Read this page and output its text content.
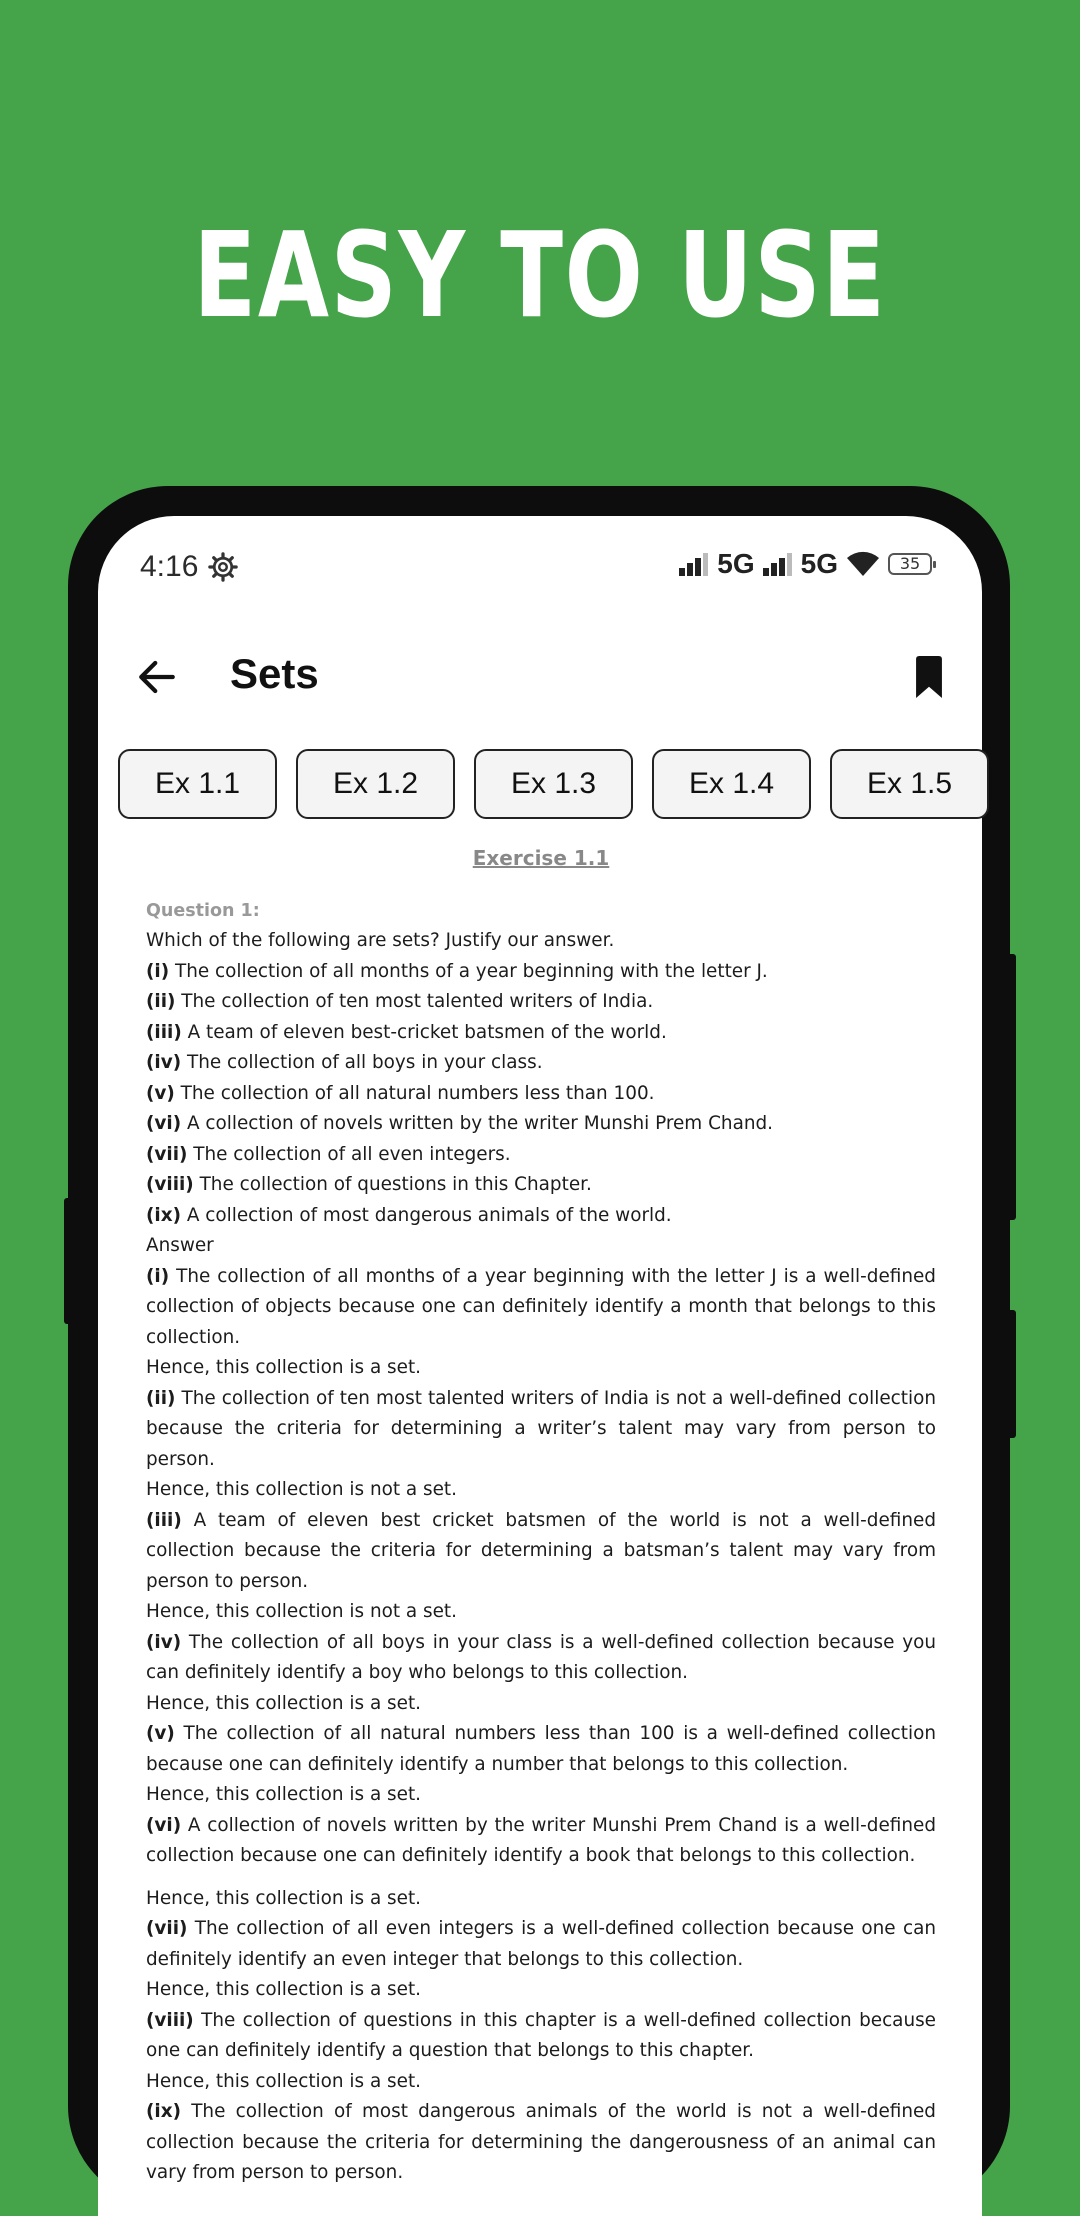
EASY TO USE
4:16	5G 5G	35
Sets
Ex 1.1	Ex 1.2	Ex 1.3	Ex 1.4	Ex 1.5
Exercise 1.1
Question 1:
Which of the following are sets? Justify our answer.
(i) The collection of all months of a year beginning with the letter J.
(ii) The collection of ten most talented writers of India.
(iii) A team of eleven best-cricket batsmen of the world.
(iv) The collection of all boys in your class.
(v) The collection of all natural numbers less than 100.
(vi) A collection of novels written by the writer Munshi Prem Chand.
(vii) The collection of all even integers.
(viii) The collection of questions in this Chapter.
(ix) A collection of most dangerous animals of the world.
Answer
(i) The collection of all months of a year beginning with the letter J is a well-defined collection of objects because one can definitely identify a month that belongs to this collection.
Hence, this collection is a set.
(ii) The collection of ten most talented writers of India is not a well-defined collection because the criteria for determining a writer’s talent may vary from person to person.
Hence, this collection is not a set.
(iii) A team of eleven best cricket batsmen of the world is not a well-defined collection because the criteria for determining a batsman’s talent may vary from person to person.
Hence, this collection is not a set.
(iv) The collection of all boys in your class is a well-defined collection because you can definitely identify a boy who belongs to this collection.
Hence, this collection is a set.
(v) The collection of all natural numbers less than 100 is a well-defined collection because one can definitely identify a number that belongs to this collection.
Hence, this collection is a set.
(vi) A collection of novels written by the writer Munshi Prem Chand is a well-defined collection because one can definitely identify a book that belongs to this collection.
Hence, this collection is a set.
(vii) The collection of all even integers is a well-defined collection because one can definitely identify an even integer that belongs to this collection.
Hence, this collection is a set.
(viii) The collection of questions in this chapter is a well-defined collection because one can definitely identify a question that belongs to this chapter.
Hence, this collection is a set.
(ix) The collection of most dangerous animals of the world is not a well-defined collection because the criteria for determining the dangerousness of an animal can vary from person to person.
